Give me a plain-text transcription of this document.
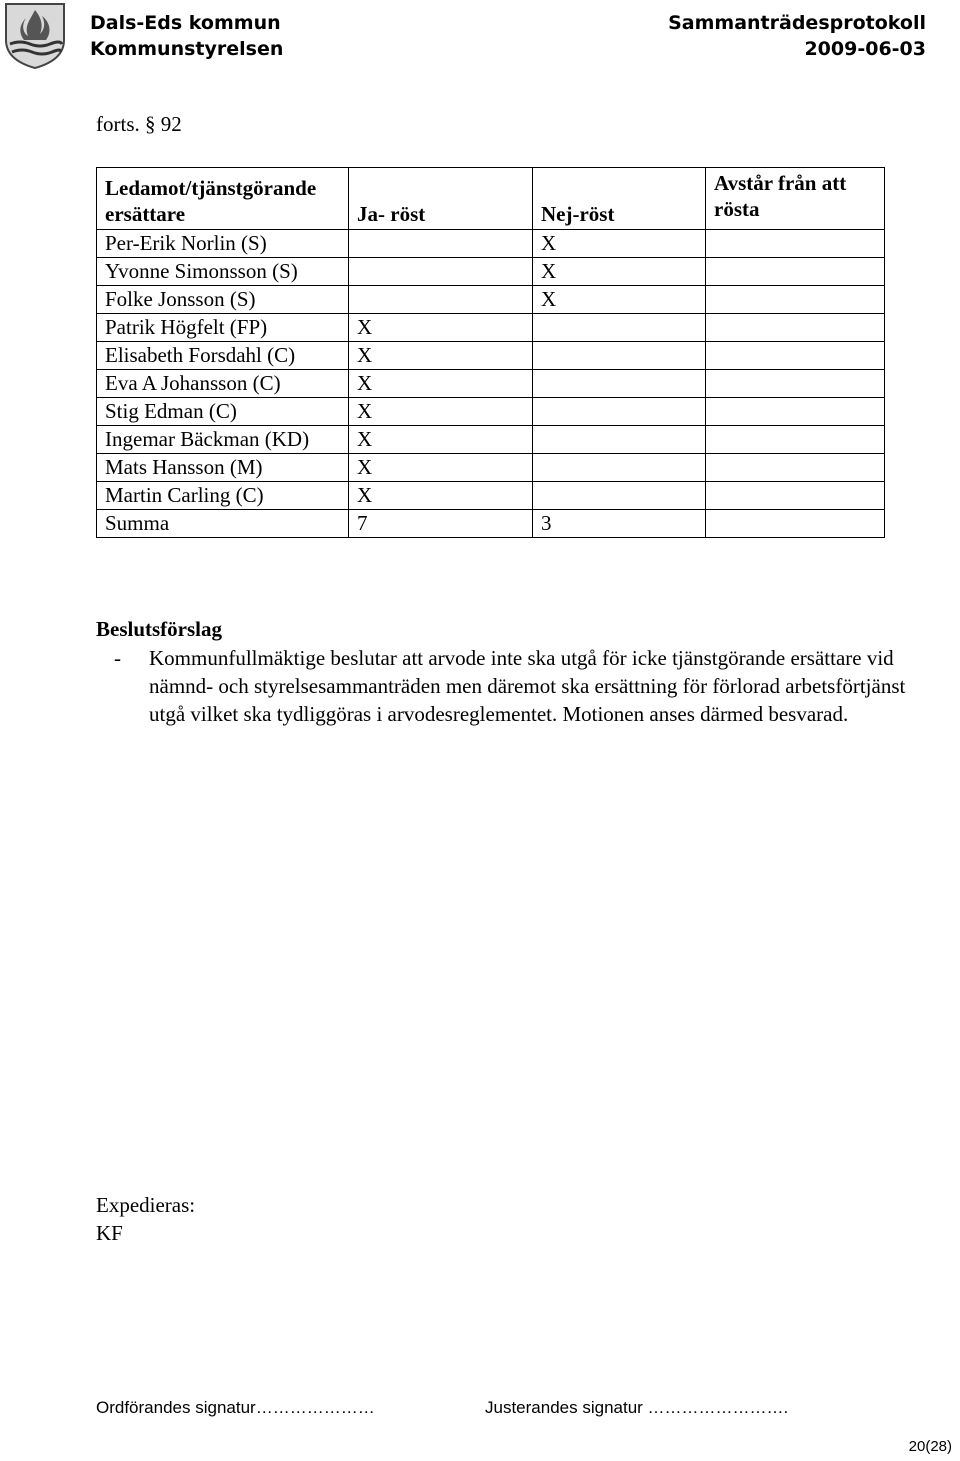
Dals-Eds kommun
Kommunstyrelsen
Sammanträdesprotokoll
2009-06-03
forts. § 92
Ledamot/tjänstgörande ersättare	Ja- röst	Nej-röst	Avstår från att rösta
Per-Erik Norlin (S)		X	
Yvonne Simonsson (S)		X	
Folke Jonsson (S)		X	
Patrik Högfelt (FP)	X		
Elisabeth Forsdahl (C)	X		
Eva A Johansson (C)	X		
Stig Edman (C)	X		
Ingemar Bäckman (KD)	X		
Mats Hansson (M)	X		
Martin Carling (C)	X		
Summa	7	3	
Beslutsförslag
- Kommunfullmäktige beslutar att arvode inte ska utgå för icke tjänstgörande ersättare vid nämnd- och styrelsesammanträden men däremot ska ersättning för förlorad arbetsförtjänst utgå vilket ska tydliggöras i arvodesreglementet. Motionen anses därmed besvarad.
Expedieras:
KF
Ordförandes signatur…………………	Justerandes signatur …………………….
20(28)
